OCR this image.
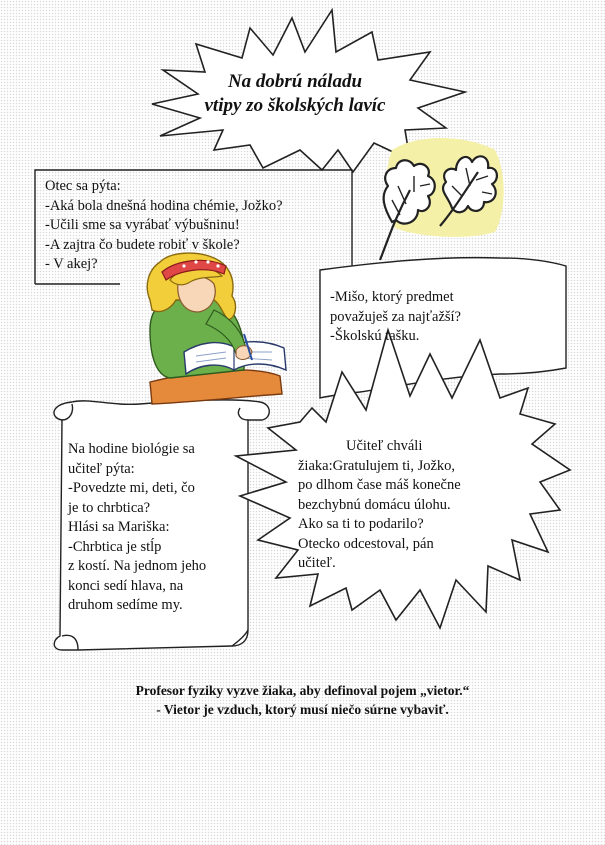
Na dobrú náladu
vtipy zo školských lavíc
Otec sa pýta:
-Aká bola dnešná hodina chémie, Jožko?
-Učili sme sa vyrábať výbušninu!
-A zajtra čo budete robiť v škole?
- V akej?
-Mišo, ktorý predmet
považuješ za najťažší?
-Školskú tašku.
Na hodine biológie sa
učiteľ pýta:
-Povedzte mi, deti, čo
je to chrbtica?
Hlási sa Mariška:
-Chrbtica je stĺp
z kostí. Na jednom jeho
konci sedí hlava, na
druhom sedíme my.
Učiteľ chváli
žiaka:Gratulujem ti, Jožko,
po dlhom čase máš konečne
bezchybnú domácu úlohu.
Ako sa ti to podarilo?
Otecko odcestoval, pán
učiteľ.
Profesor fyziky vyzve žiaka, aby definoval pojem „vietor.“
- Vietor je vzduch, ktorý musí niečo súrne vybaviť.
